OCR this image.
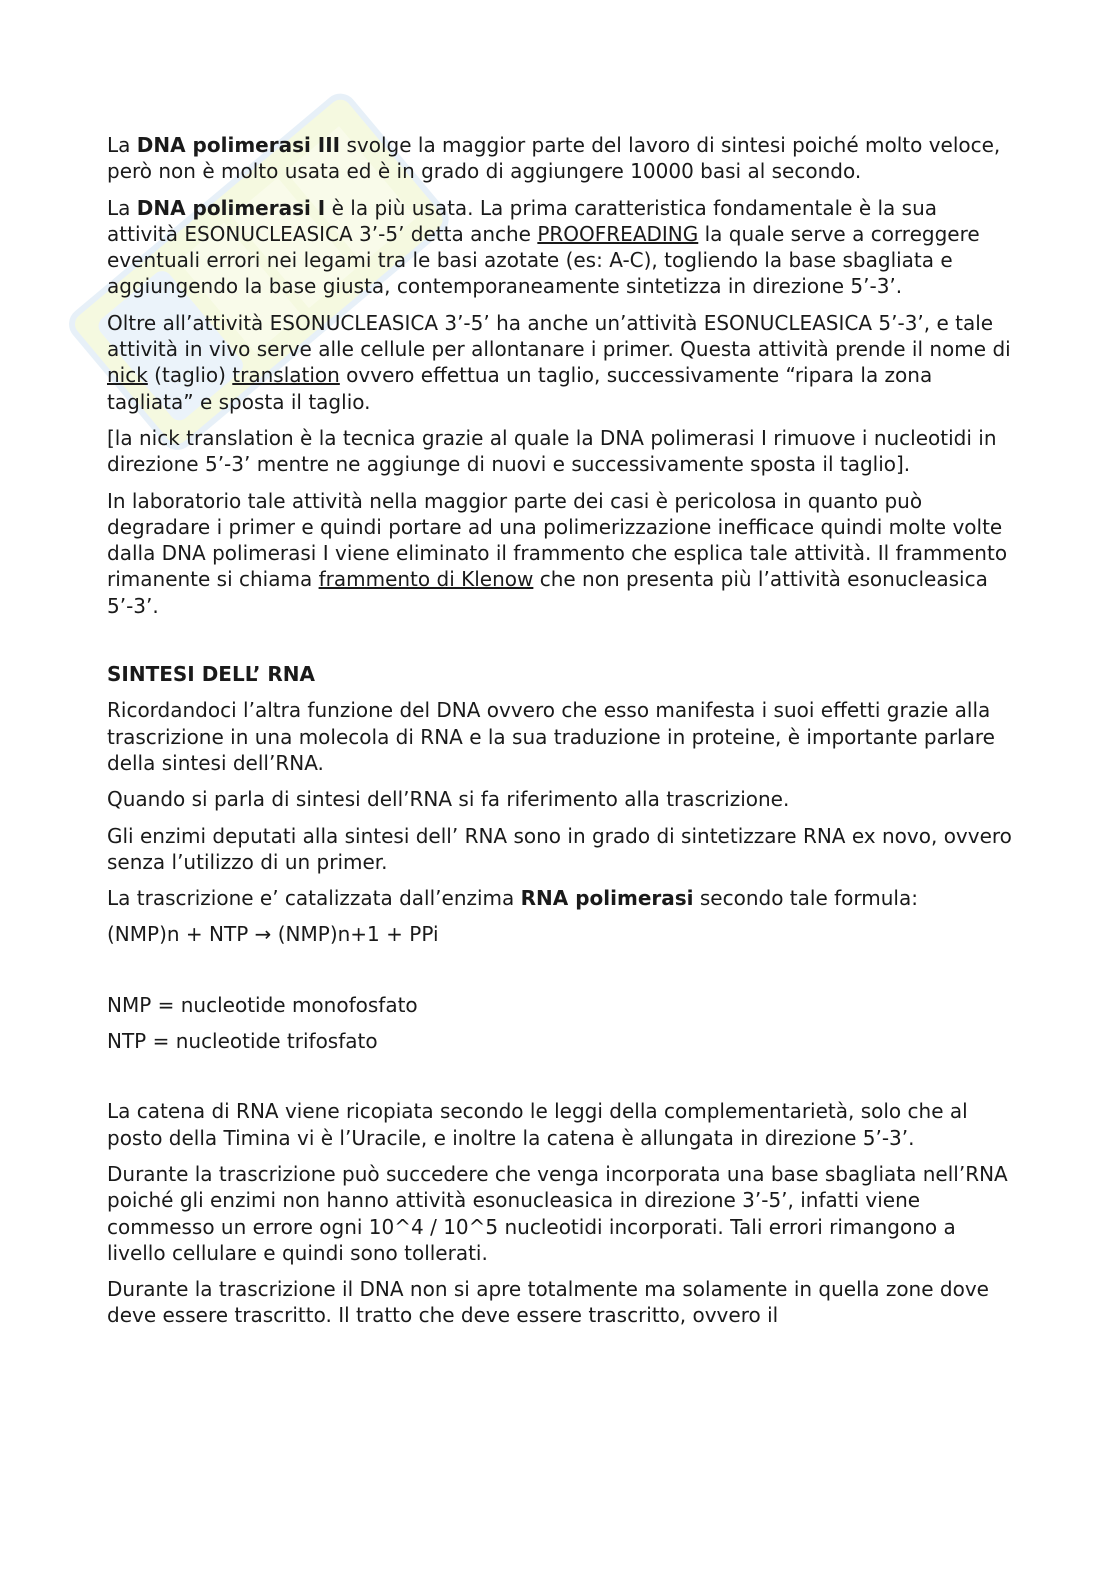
La DNA polimerasi III svolge la maggior parte del lavoro di sintesi poiché molto veloce, però non è molto usata ed è in grado di aggiungere 10000 basi al secondo.

La DNA polimerasi I è la più usata. La prima caratteristica fondamentale è la sua attività ESONUCLEASICA 3’-5’ detta anche PROOFREADING la quale serve a correggere eventuali errori nei legami tra le basi azotate (es: A-C), togliendo la base sbagliata e aggiungendo la base giusta, contemporaneamente sintetizza in direzione 5’-3’.

Oltre all’attività ESONUCLEASICA 3’-5’ ha anche un’attività ESONUCLEASICA 5’-3’, e tale attività in vivo serve alle cellule per allontanare i primer. Questa attività prende il nome di nick (taglio) translation ovvero effettua un taglio, successivamente “ripara la zona tagliata” e sposta il taglio.

[la nick translation è la tecnica grazie al quale la DNA polimerasi I rimuove i nucleotidi in direzione 5’-3’ mentre ne aggiunge di nuovi e successivamente sposta il taglio].

In laboratorio tale attività nella maggior parte dei casi è pericolosa in quanto può degradare i primer e quindi portare ad una polimerizzazione inefficace quindi molte volte dalla DNA polimerasi I viene eliminato il frammento che esplica tale attività. Il frammento rimanente si chiama frammento di Klenow che non presenta più l’attività esonucleasica 5’-3’.

SINTESI DELL’ RNA

Ricordandoci l’altra funzione del DNA ovvero che esso manifesta i suoi effetti grazie alla trascrizione in una molecola di RNA e la sua traduzione in proteine, è importante parlare della sintesi dell’RNA.

Quando si parla di sintesi dell’RNA si fa riferimento alla trascrizione.

Gli enzimi deputati alla sintesi dell’ RNA sono in grado di sintetizzare RNA ex novo, ovvero senza l’utilizzo di un primer.

La trascrizione e’ catalizzata dall’enzima RNA polimerasi secondo tale formula:

(NMP)n + NTP → (NMP)n+1 + PPi

NMP = nucleotide monofosfato

NTP = nucleotide trifosfato

La catena di RNA viene ricopiata secondo le leggi della complementarietà, solo che al posto della Timina vi è l’Uracile, e inoltre la catena è allungata in direzione 5’-3’.

Durante la trascrizione può succedere che venga incorporata una base sbagliata nell’RNA poiché gli enzimi non hanno attività esonucleasica in direzione 3’-5’, infatti viene commesso un errore ogni 10^4 / 10^5 nucleotidi incorporati. Tali errori rimangono a livello cellulare e quindi sono tollerati.

Durante la trascrizione il DNA non si apre totalmente ma solamente in quella zone dove deve essere trascritto. Il tratto che deve essere trascritto, ovvero il
